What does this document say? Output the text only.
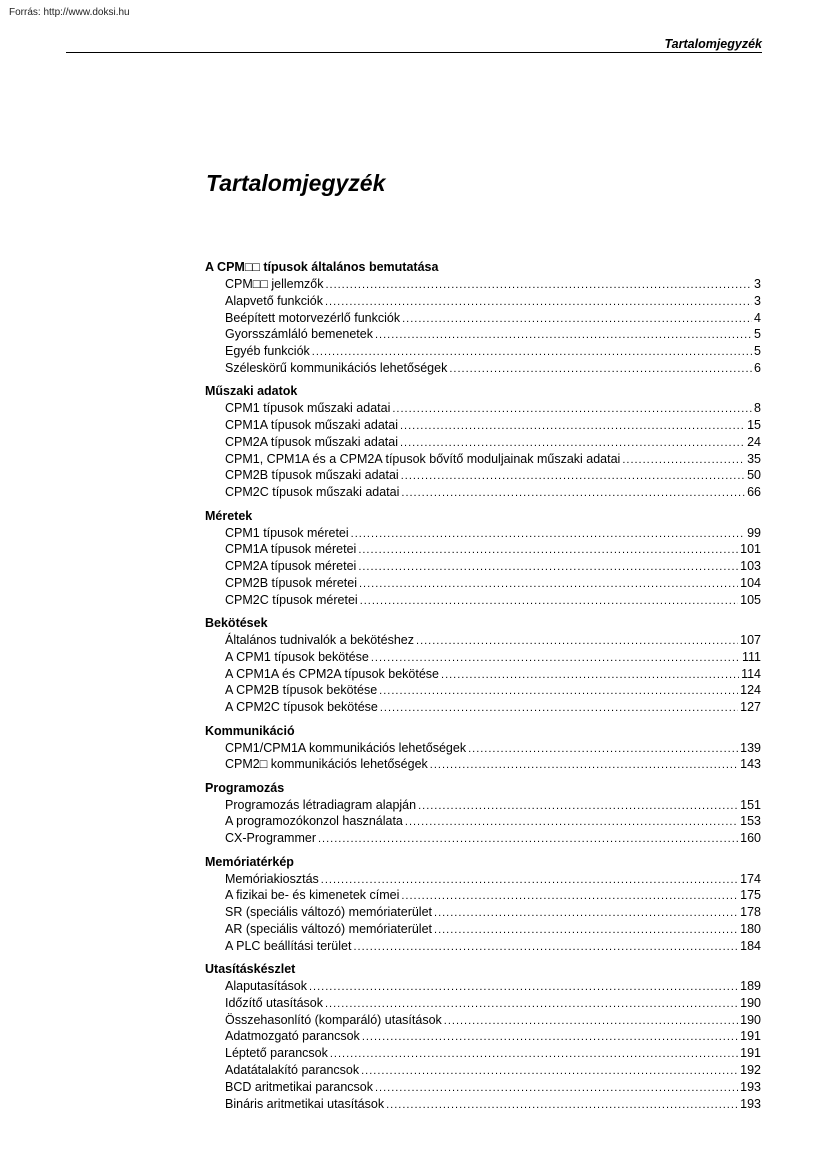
Forrás: http://www.doksi.hu
Tartalomjegyzék
Tartalomjegyzék
A CPM□□ típusok általános bemutatása
CPM□□ jellemzők .....	3
Alapvető funkciók .....	3
Beépített motorvezérlő funkciók .....	4
Gyorsszámláló bemenetek .....	5
Egyéb funkciók .....	5
Széleskörű kommunikációs lehetőségek .....	6
Műszaki adatok
CPM1 típusok műszaki adatai .....	8
CPM1A típusok műszaki adatai .....	15
CPM2A típusok műszaki adatai .....	24
CPM1, CPM1A és a CPM2A típusok bővítő moduljainak műszaki adatai .....	35
CPM2B típusok műszaki adatai .....	50
CPM2C típusok műszaki adatai .....	66
Méretek
CPM1 típusok méretei .....	99
CPM1A típusok méretei .....	101
CPM2A típusok méretei .....	103
CPM2B típusok méretei .....	104
CPM2C típusok méretei .....	105
Bekötések
Általános tudnivalók a bekötéshez .....	107
A CPM1 típusok bekötése .....	111
A CPM1A és CPM2A típusok bekötése .....	114
A CPM2B típusok bekötése .....	124
A CPM2C típusok bekötése .....	127
Kommunikáció
CPM1/CPM1A kommunikációs lehetőségek .....	139
CPM2□ kommunikációs lehetőségek .....	143
Programozás
Programozás létradiagram alapján .....	151
A programozókonzol használata .....	153
CX-Programmer .....	160
Memóriatérkép
Memóriakiosztás .....	174
A fizikai be- és kimenetek címei .....	175
SR (speciális változó) memóriaterület .....	178
AR (speciális változó) memóriaterület .....	180
A PLC beállítási terület .....	184
Utasításkészlet
Alaputasítások .....	189
Időzítő utasítások .....	190
Összehasonlító (komparáló) utasítások .....	190
Adatmozgató parancsok .....	191
Léptető parancsok .....	191
Adatátalakító parancsok .....	192
BCD aritmetikai parancsok .....	193
Bináris aritmetikai utasítások .....	193
